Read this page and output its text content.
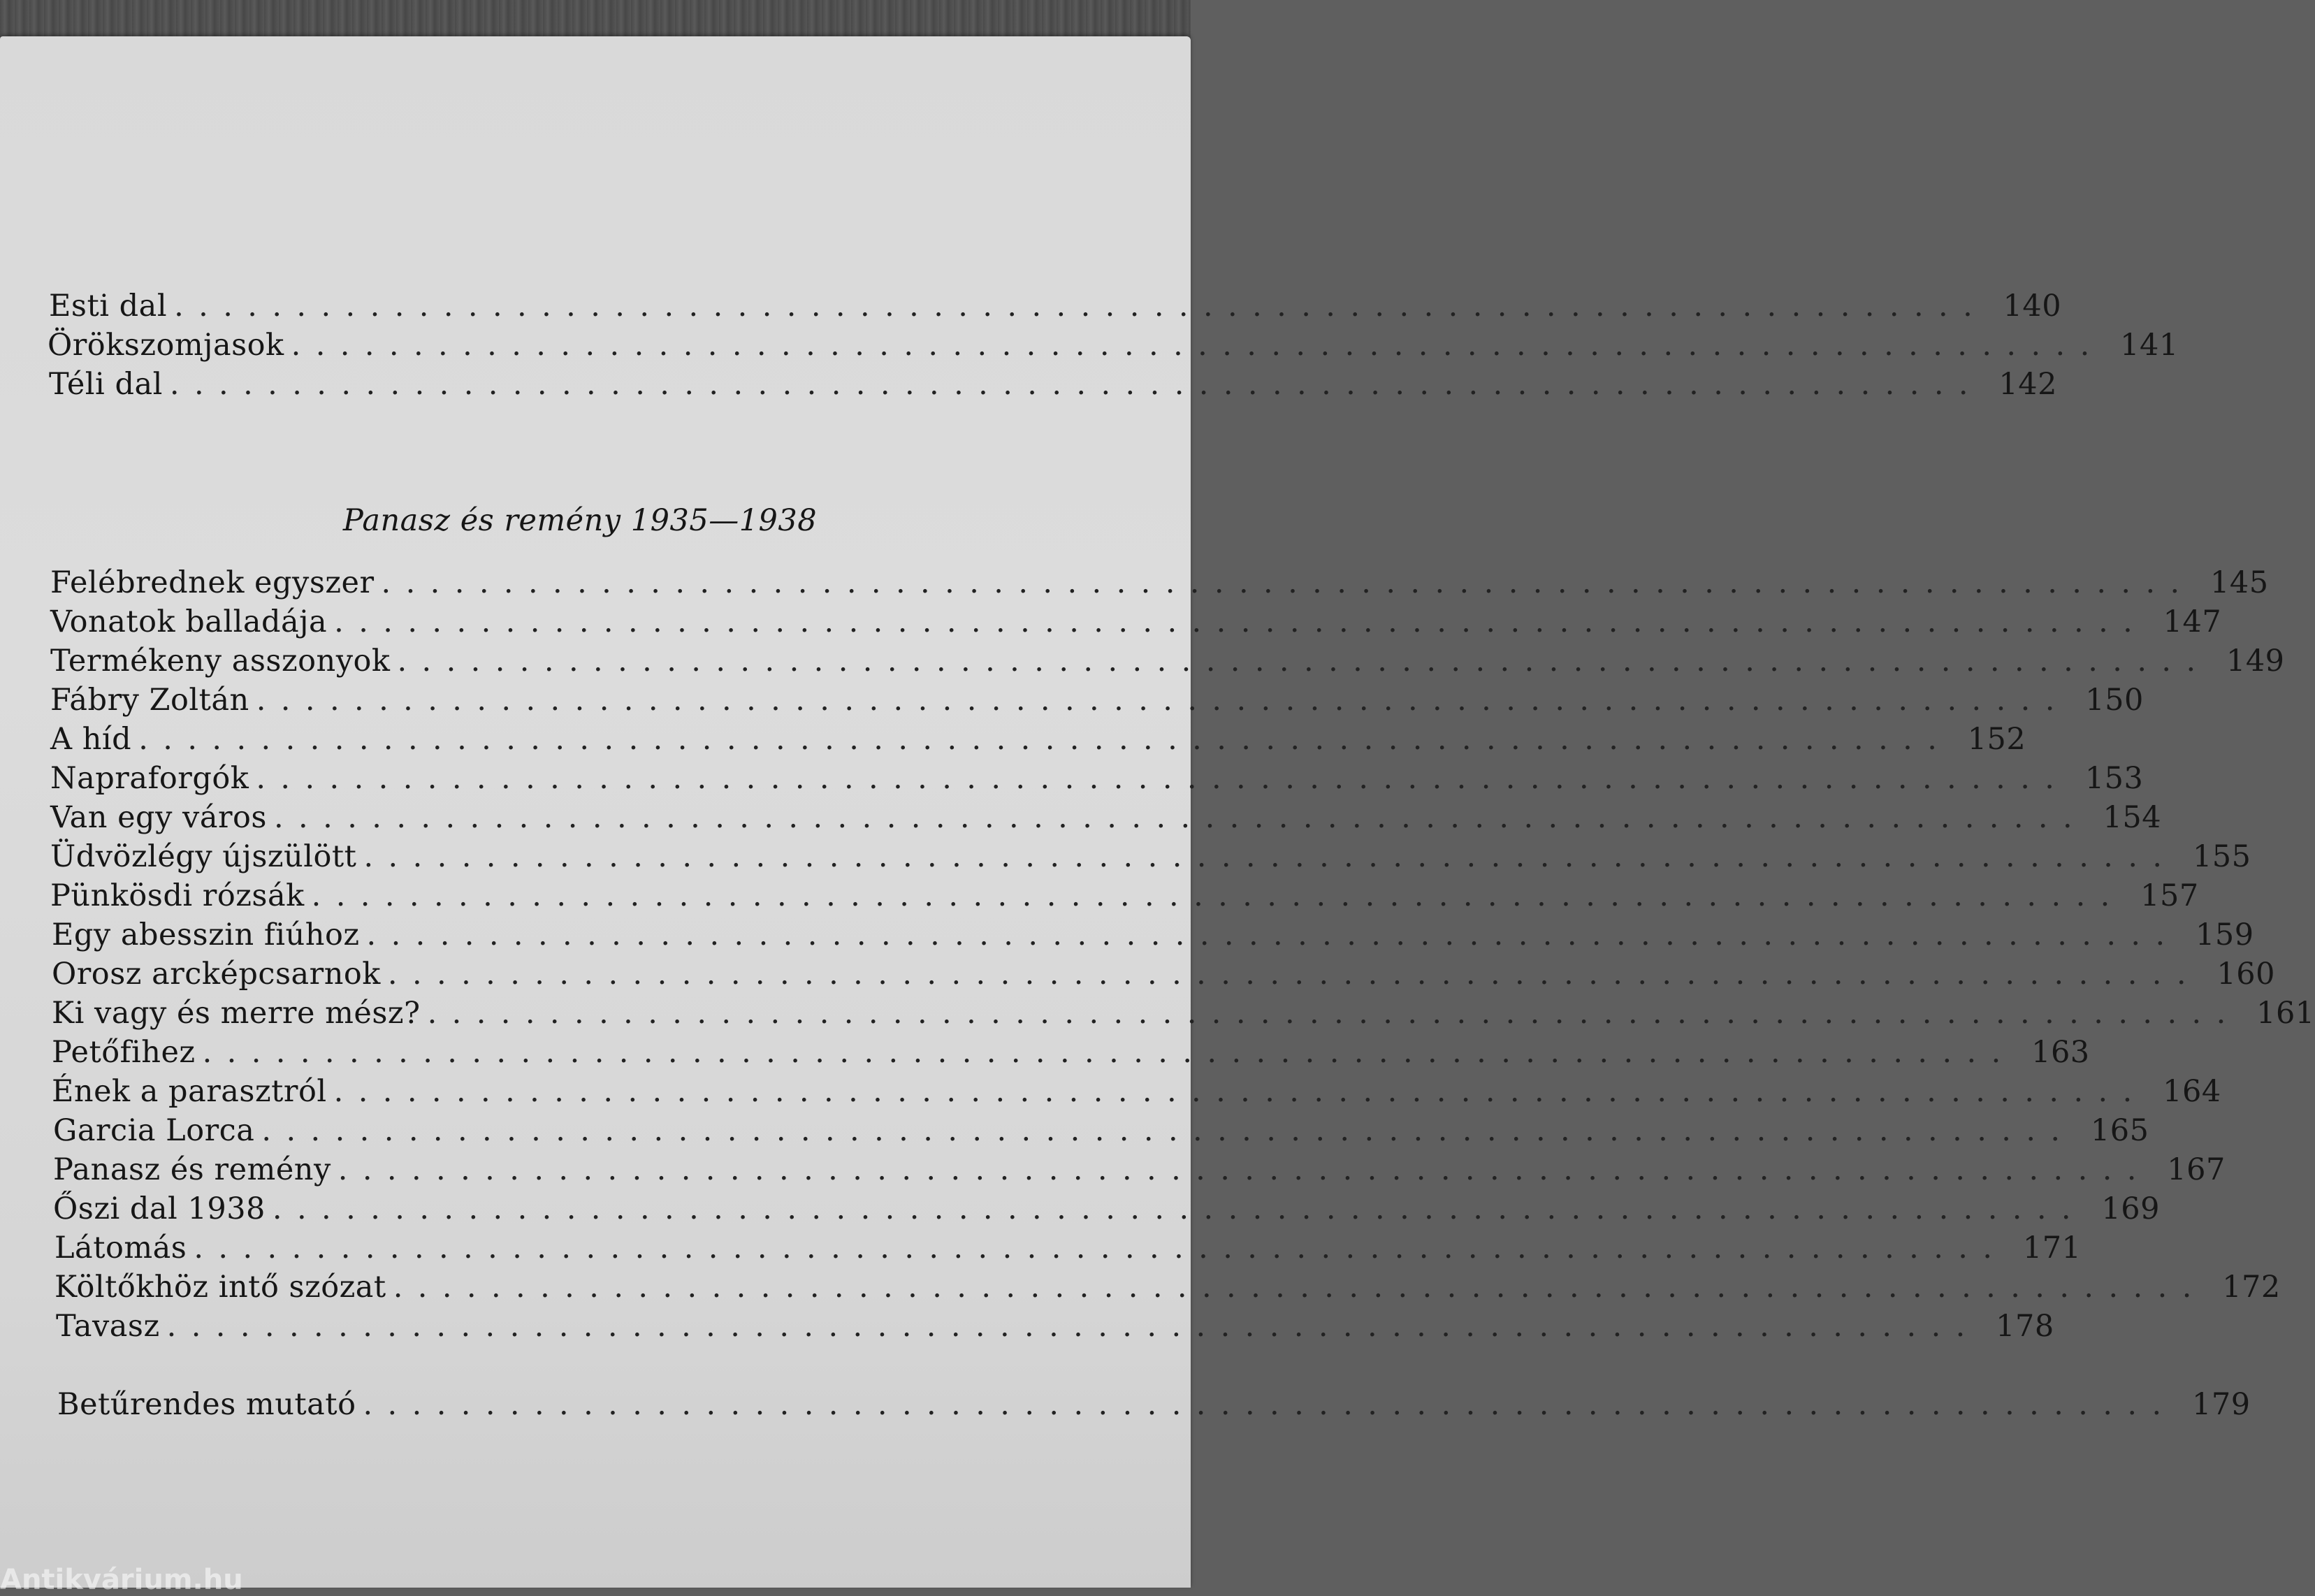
Esti dal .......................................................................... 140
Örökszomjasok .......................................................................... 141
Téli dal .......................................................................... 142
Panasz és remény 1935—1938
Felébrednek egyszer .......................................................................... 145
Vonatok balladája .......................................................................... 147
Termékeny asszonyok .......................................................................... 149
Fábry Zoltán .......................................................................... 150
A híd .......................................................................... 152
Napraforgók .......................................................................... 153
Van egy város .......................................................................... 154
Üdvözlégy újszülött .......................................................................... 155
Pünkösdi rózsák .......................................................................... 157
Egy abesszin fiúhoz .......................................................................... 159
Orosz arcképcsarnok .......................................................................... 160
Ki vagy és merre mész? .......................................................................... 161
Petőfihez .......................................................................... 163
Ének a parasztról .......................................................................... 164
Garcia Lorca .......................................................................... 165
Panasz és remény .......................................................................... 167
Őszi dal 1938 .......................................................................... 169
Látomás .......................................................................... 171
Költőkhöz intő szózat .......................................................................... 172
Tavasz .......................................................................... 178
Betűrendes mutató .......................................................................... 179
Antikvárium.hu
